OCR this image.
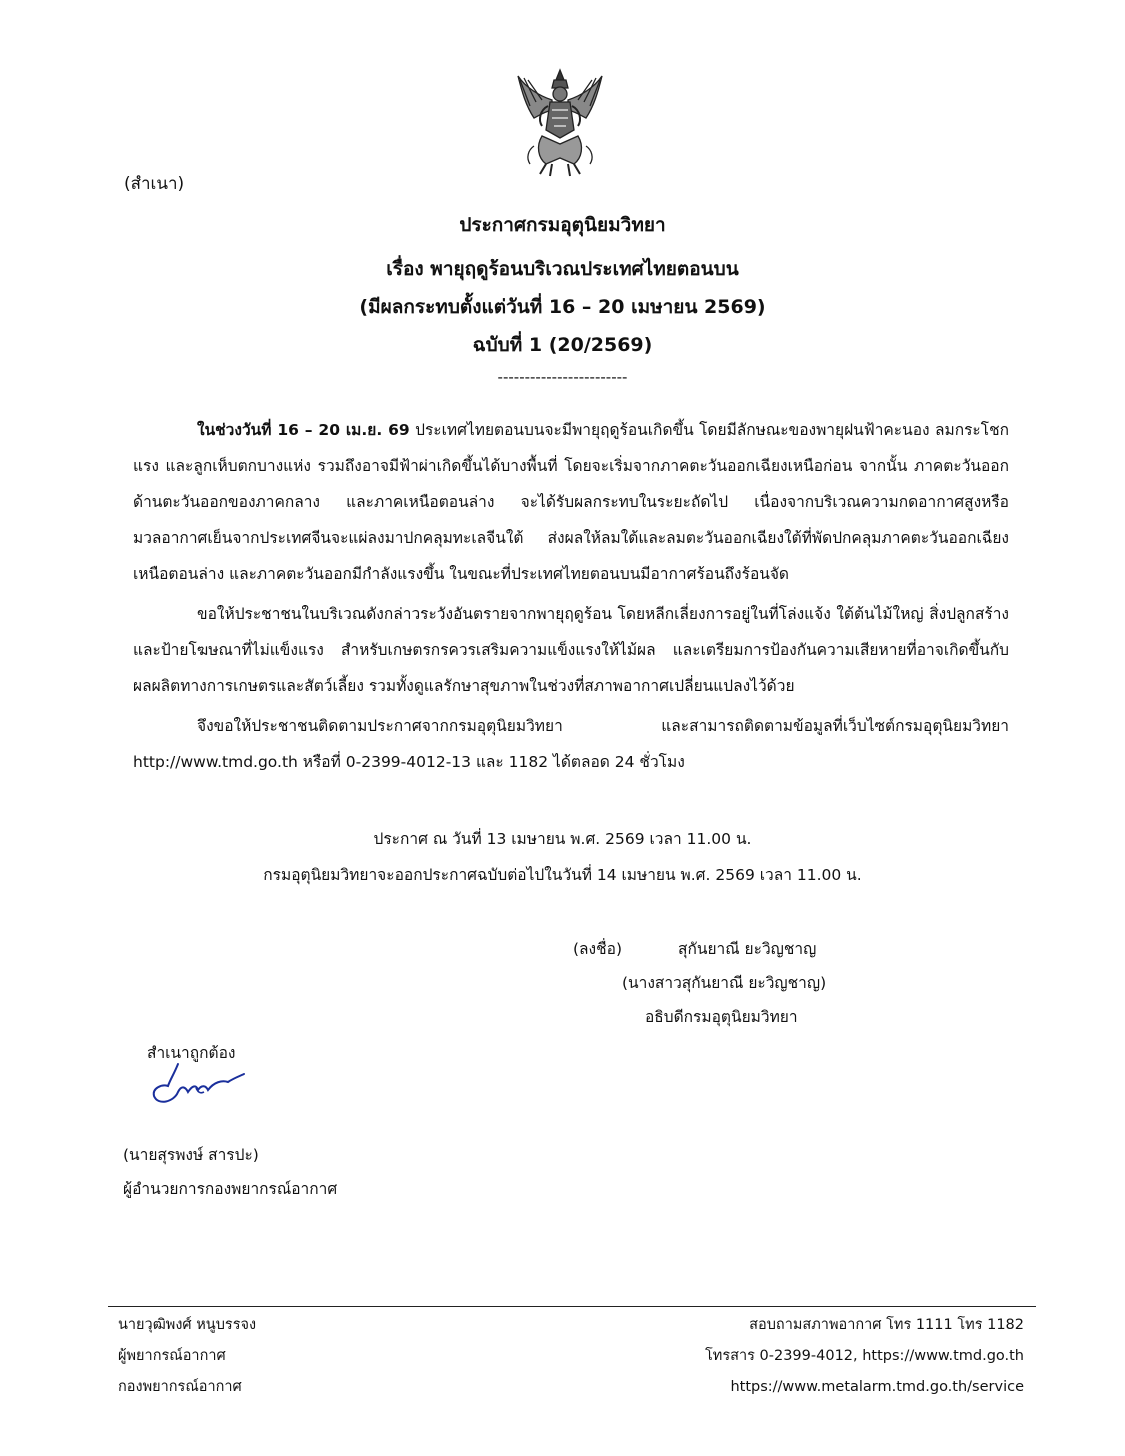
(สำเนา)
ประกาศกรมอุตุนิยมวิทยา
เรื่อง พายุฤดูร้อนบริเวณประเทศไทยตอนบน
(มีผลกระทบตั้งแต่วันที่ 16 – 20 เมษายน 2569)
ฉบับที่ 1 (20/2569)
------------------------

ในช่วงวันที่ 16 – 20 เม.ย. 69 ประเทศไทยตอนบนจะมีพายุฤดูร้อนเกิดขึ้น โดยมีลักษณะของพายุฝนฟ้าคะนอง ลมกระโชกแรง และลูกเห็บตกบางแห่ง รวมถึงอาจมีฟ้าผ่าเกิดขึ้นได้บางพื้นที่ โดยจะเริ่มจากภาคตะวันออกเฉียงเหนือก่อน จากนั้น ภาคตะวันออก ด้านตะวันออกของภาคกลาง และภาคเหนือตอนล่าง จะได้รับผลกระทบในระยะถัดไป เนื่องจากบริเวณความกดอากาศสูงหรือมวลอากาศเย็นจากประเทศจีนจะแผ่ลงมาปกคลุมทะเลจีนใต้ ส่งผลให้ลมใต้และลมตะวันออกเฉียงใต้ที่พัดปกคลุมภาคตะวันออกเฉียงเหนือตอนล่าง และภาคตะวันออกมีกำลังแรงขึ้น ในขณะที่ประเทศไทยตอนบนมีอากาศร้อนถึงร้อนจัด

ขอให้ประชาชนในบริเวณดังกล่าวระวังอันตรายจากพายุฤดูร้อน โดยหลีกเลี่ยงการอยู่ในที่โล่งแจ้ง ใต้ต้นไม้ใหญ่ สิ่งปลูกสร้าง และป้ายโฆษณาที่ไม่แข็งแรง สำหรับเกษตรกรควรเสริมความแข็งแรงให้ไม้ผล และเตรียมการป้องกันความเสียหายที่อาจเกิดขึ้นกับผลผลิตทางการเกษตรและสัตว์เลี้ยง รวมทั้งดูแลรักษาสุขภาพในช่วงที่สภาพอากาศเปลี่ยนแปลงไว้ด้วย

จึงขอให้ประชาชนติดตามประกาศจากกรมอุตุนิยมวิทยา และสามารถติดตามข้อมูลที่เว็บไซต์กรมอุตุนิยมวิทยา http://www.tmd.go.th หรือที่ 0-2399-4012-13 และ 1182 ได้ตลอด 24 ชั่วโมง

ประกาศ ณ วันที่ 13 เมษายน พ.ศ. 2569 เวลา 11.00 น.
กรมอุตุนิยมวิทยาจะออกประกาศฉบับต่อไปในวันที่ 14 เมษายน พ.ศ. 2569 เวลา 11.00 น.
(ลงชื่อ)	สุกันยาณี ยะวิญชาญ
(นางสาวสุกันยาณี ยะวิญชาญ)
อธิบดีกรมอุตุนิยมวิทยา
สำเนาถูกต้อง
(นายสุรพงษ์ สารปะ)
ผู้อำนวยการกองพยากรณ์อากาศ
นายวุฒิพงศ์ หนูบรรจง
ผู้พยากรณ์อากาศ
กองพยากรณ์อากาศ
สอบถามสภาพอากาศ โทร 1111 โทร 1182
โทรสาร 0-2399-4012, https://www.tmd.go.th
https://www.metalarm.tmd.go.th/service
